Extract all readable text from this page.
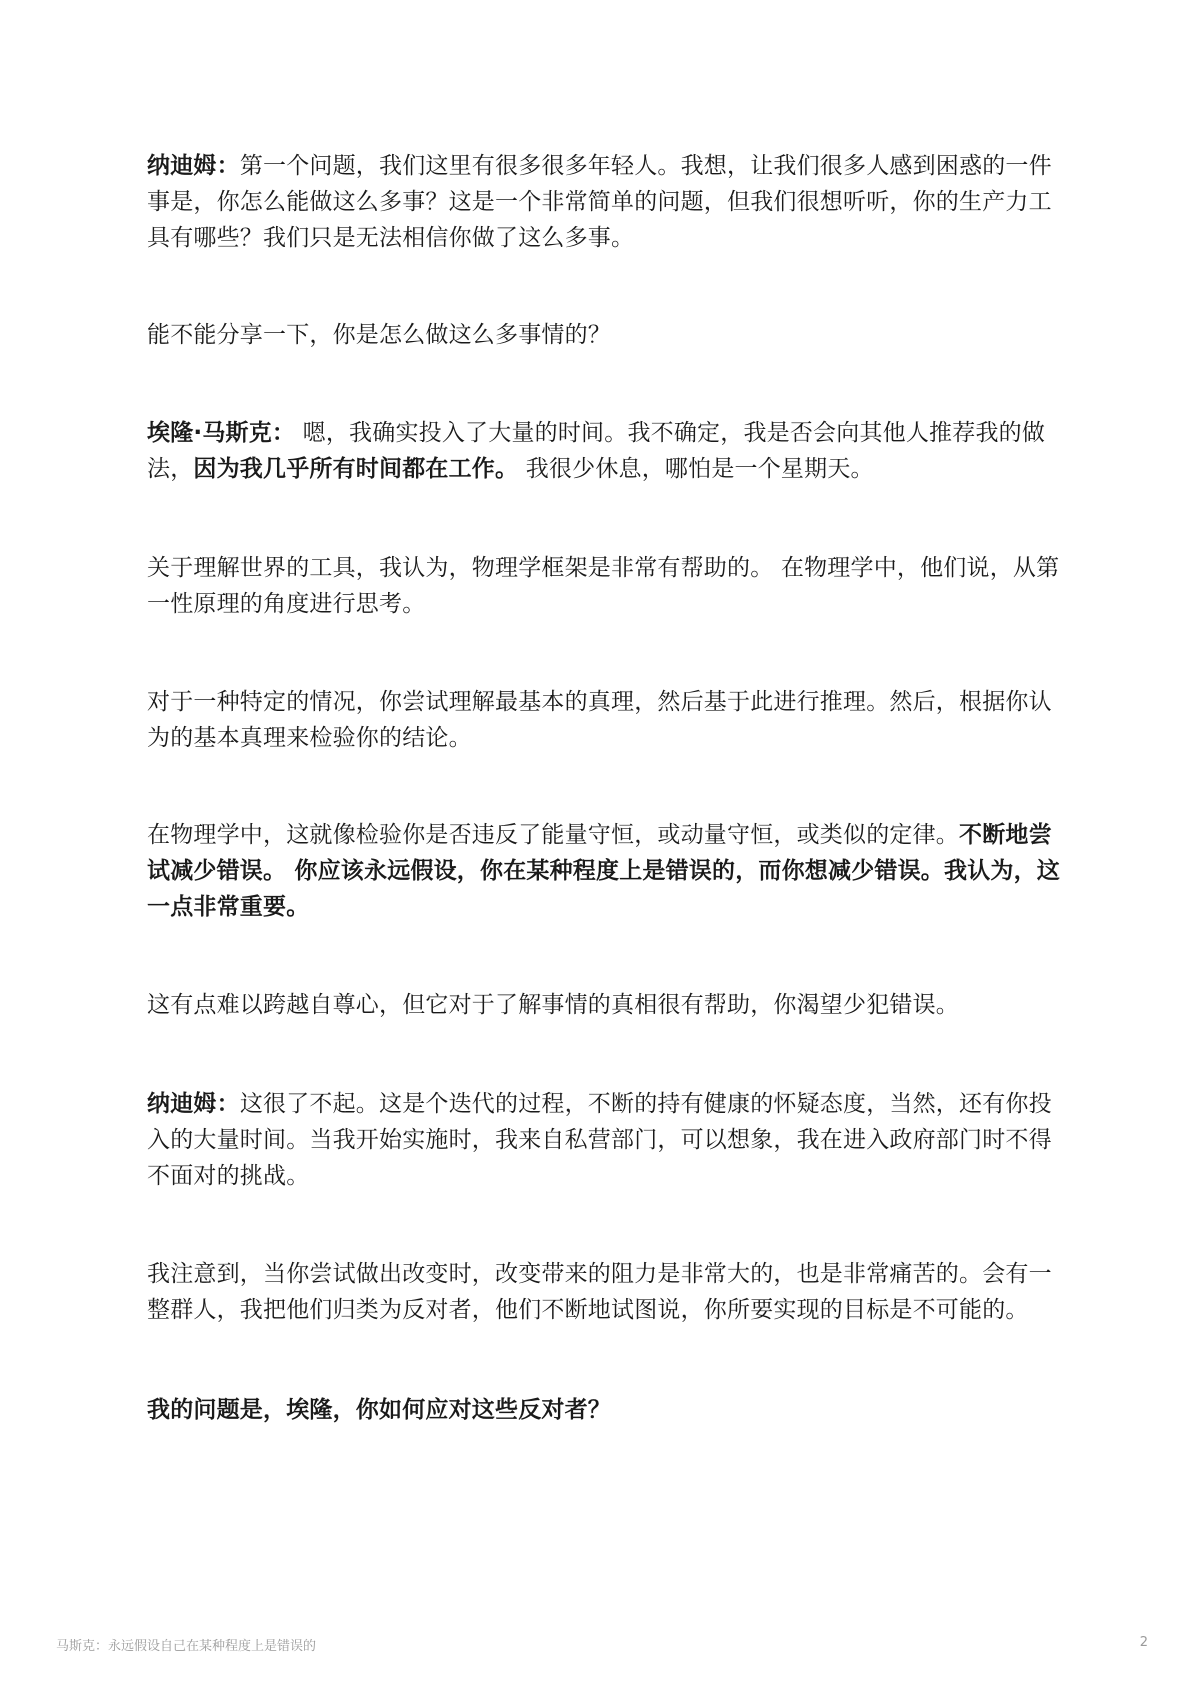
纳迪姆：第一个问题，我们这里有很多很多年轻人。我想，让我们很多人感到困惑的一件事是，你怎么能做这么多事？这是一个非常简单的问题，但我们很想听听，你的生产力工具有哪些？我们只是无法相信你做了这么多事。

能不能分享一下，你是怎么做这么多事情的？

埃隆·马斯克： 嗯，我确实投入了大量的时间。我不确定，我是否会向其他人推荐我的做法，因为我几乎所有时间都在工作。 我很少休息，哪怕是一个星期天。

关于理解世界的工具，我认为，物理学框架是非常有帮助的。 在物理学中，他们说，从第一性原理的角度进行思考。

对于一种特定的情况，你尝试理解最基本的真理，然后基于此进行推理。然后，根据你认为的基本真理来检验你的结论。

在物理学中，这就像检验你是否违反了能量守恒，或动量守恒，或类似的定律。不断地尝试减少错误。 你应该永远假设，你在某种程度上是错误的，而你想减少错误。我认为，这一点非常重要。

这有点难以跨越自尊心，但它对于了解事情的真相很有帮助，你渴望少犯错误。

纳迪姆：这很了不起。这是个迭代的过程，不断的持有健康的怀疑态度，当然，还有你投入的大量时间。当我开始实施时，我来自私营部门，可以想象，我在进入政府部门时不得不面对的挑战。

我注意到，当你尝试做出改变时，改变带来的阻力是非常大的，也是非常痛苦的。会有一整群人，我把他们归类为反对者，他们不断地试图说，你所要实现的目标是不可能的。

我的问题是，埃隆，你如何应对这些反对者？

马斯克：永远假设自己在某种程度上是错误的	2
